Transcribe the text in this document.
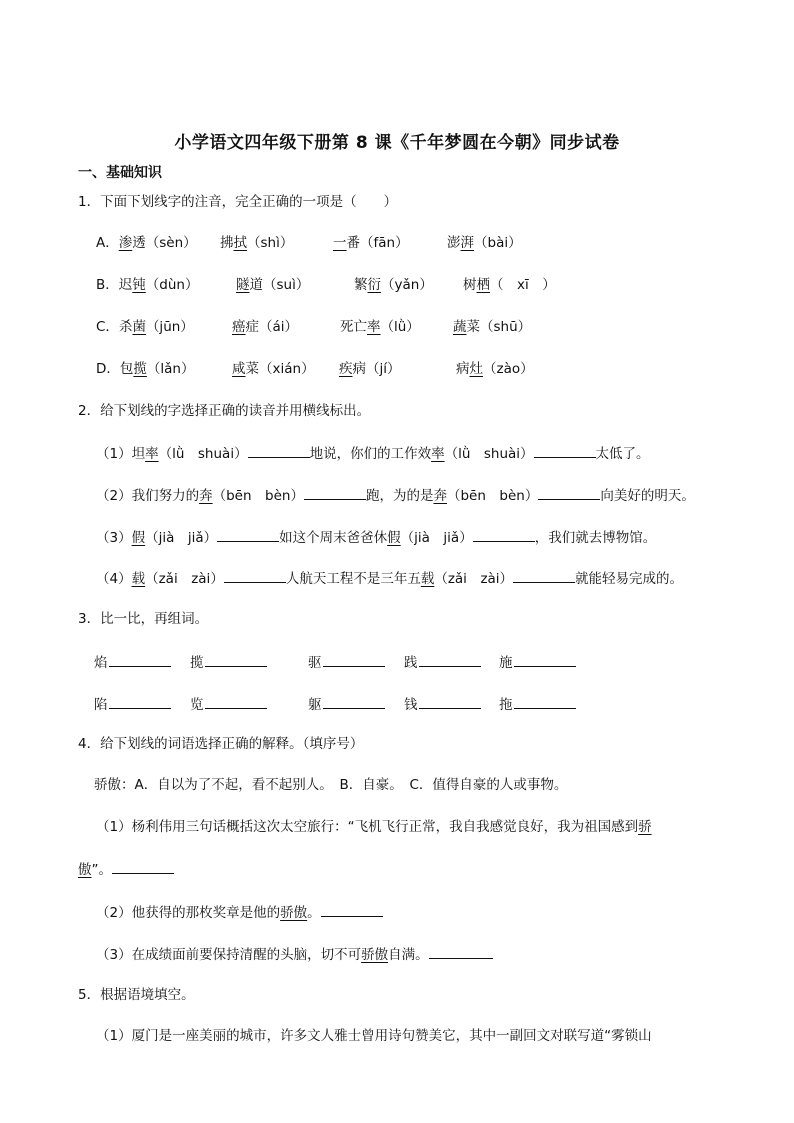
小学语文四年级下册第 8 课《千年梦圆在今朝》同步试卷
一、基础知识
1．下面下划线字的注音，完全正确的一项是（　　）
A．渗透（sèn） 拂拭（shì）	一番（fān）	澎湃（bài）
B．迟钝（dùn）	隧道（suì）	繁衍（yǎn） 树栖（　xī　）
C．杀菌（jūn）	癌症（ái）	死亡率（lǜ） 蔬菜（shū）
D．包揽（lǎn）	咸菜（xián） 疾病（jí）	病灶（zào）
2．给下划线的字选择正确的读音并用横线标出。
（1）坦率（lǜ　shuài）	地说，你们的工作效率（lǜ　shuài）	太低了。
（2）我们努力的奔（bēn　bèn）	跑，为的是奔（bēn　bèn）	向美好的明天。
（3）假（jià　jiǎ）	如这个周末爸爸休假（jià　jiǎ）	，我们就去博物馆。
（4）载（zǎi　zài）	人航天工程不是三年五载（zǎi　zài）	就能轻易完成的。
3．比一比，再组词。
焰	揽	驱	践	施
陷	览	躯	钱	拖
4．给下划线的词语选择正确的解释。（填序号）
骄傲：A．自以为了不起，看不起别人。　B．自豪。　C．值得自豪的人或事物。
（1）杨利伟用三句话概括这次太空旅行：“飞机飞行正常，我自我感觉良好，我为祖国感到骄
傲”。
（2）他获得的那枚奖章是他的骄傲。
（3）在成绩面前要保持清醒的头脑，切不可骄傲自满。
5．根据语境填空。
（1）厦门是一座美丽的城市，许多文人雅士曾用诗句赞美它，其中一副回文对联写道“雾锁山
